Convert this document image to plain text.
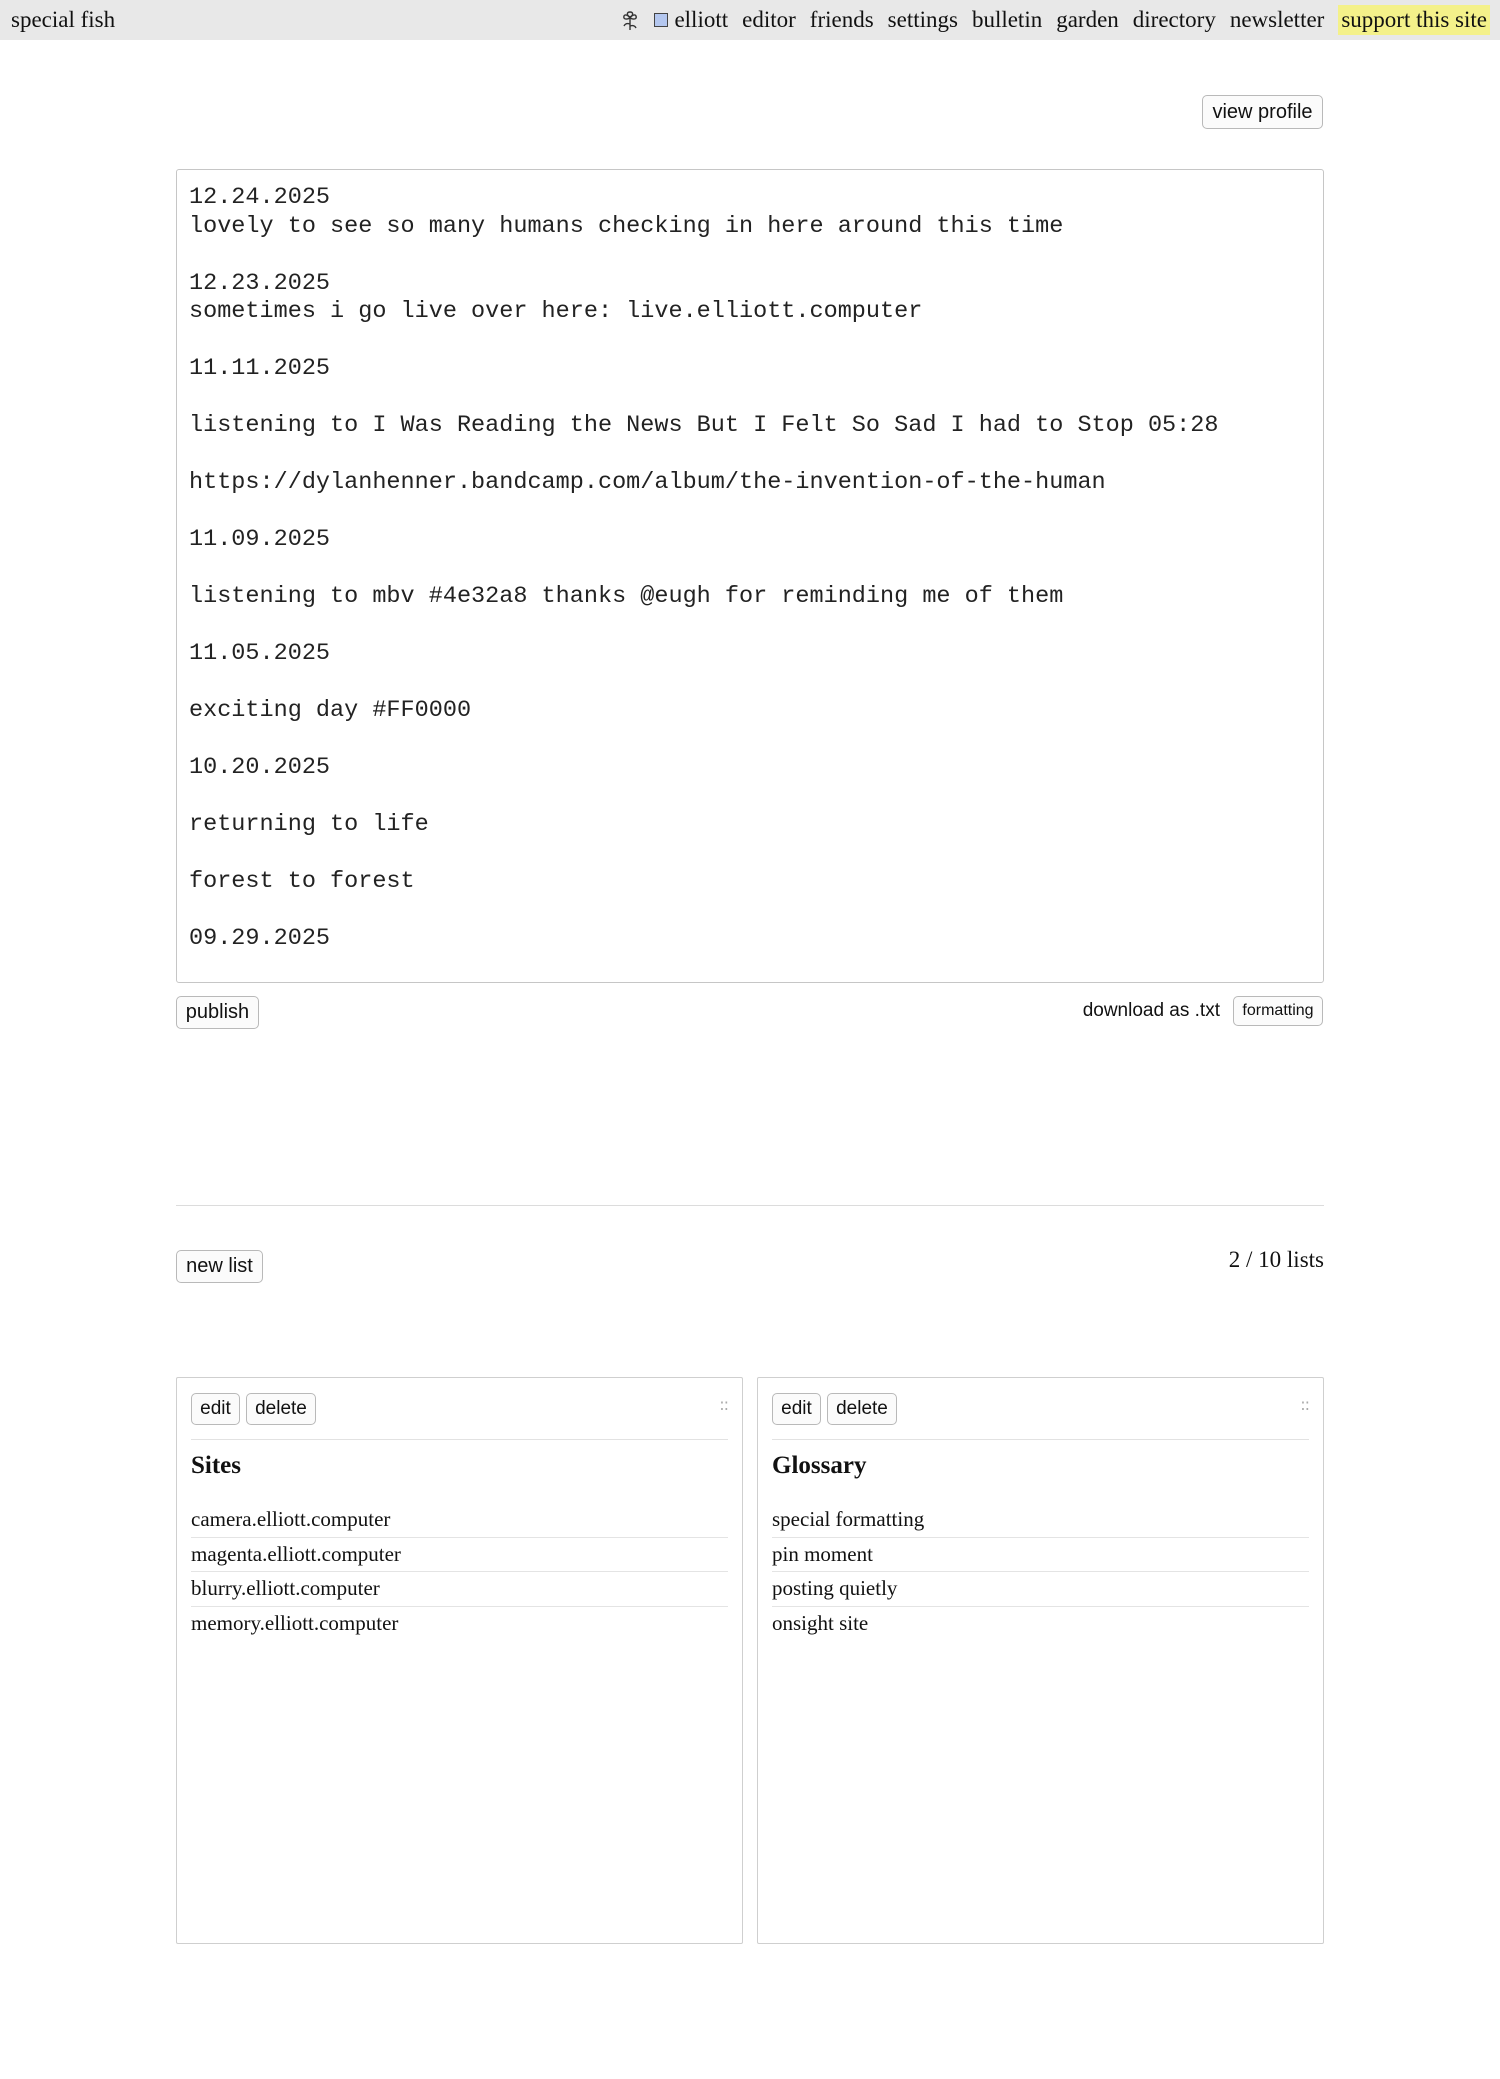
special fish	elliott editor friends settings bulletin garden directory newsletter support this site
view profile
12.24.2025
lovely to see so many humans checking in here around this time

12.23.2025
sometimes i go live over here: live.elliott.computer

11.11.2025

listening to I Was Reading the News But I Felt So Sad I had to Stop 05:28

https://dylanhenner.bandcamp.com/album/the-invention-of-the-human

11.09.2025

listening to mbv #4e32a8 thanks @eugh for reminding me of them

11.05.2025

exciting day #FF0000

10.20.2025

returning to life

forest to forest

09.29.2025
publish	download as .txt	formatting
new list	2 / 10 lists
edit	delete	::
Sites
camera.elliott.computer
magenta.elliott.computer
blurry.elliott.computer
memory.elliott.computer
edit	delete	::
Glossary
special formatting
pin moment
posting quietly
onsight site
